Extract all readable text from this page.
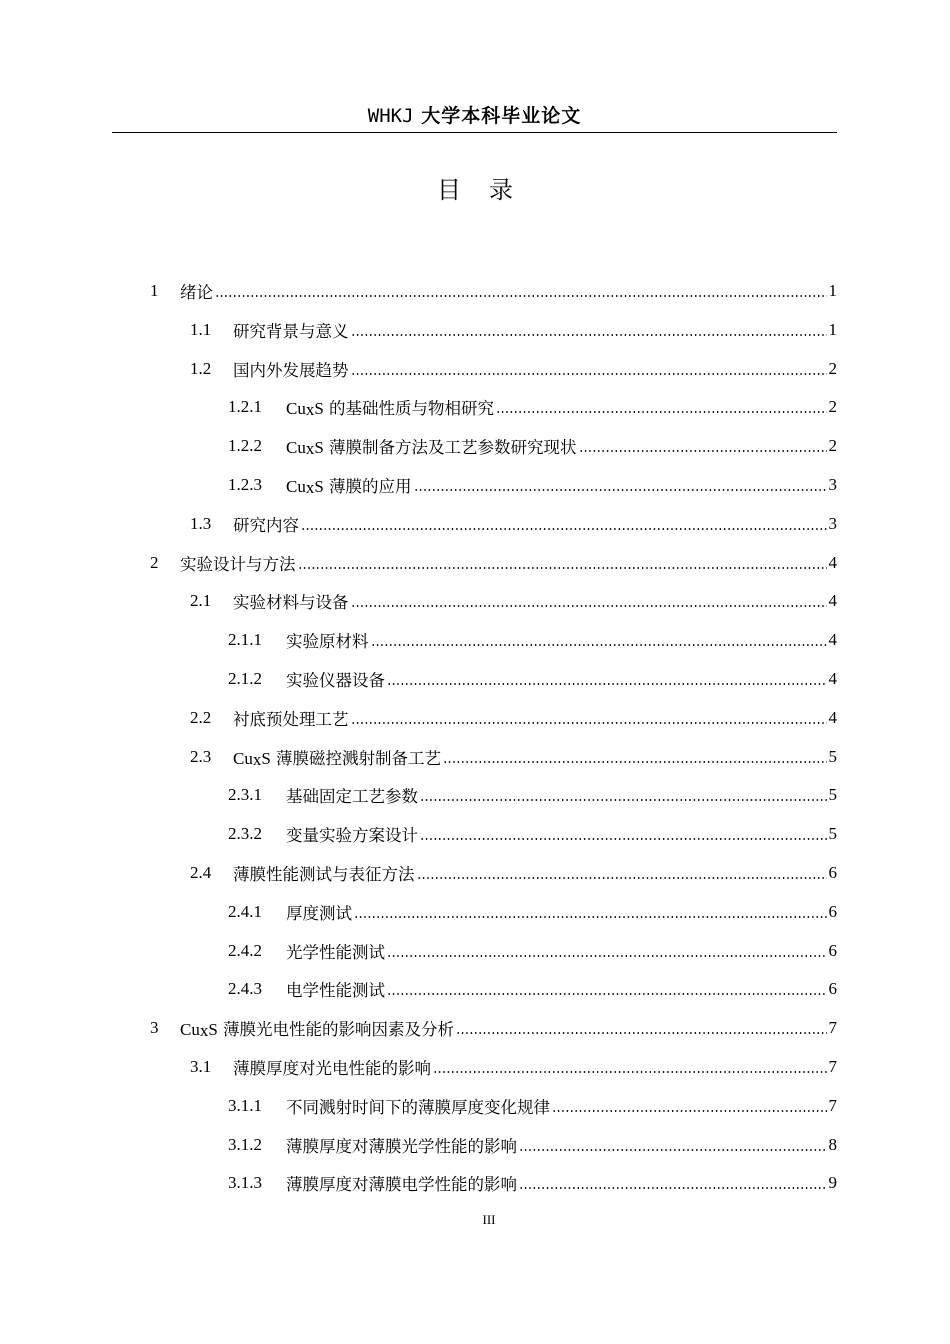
WHKJ 大学本科毕业论文
目录
1	绪论	1
1.1	研究背景与意义	1
1.2	国内外发展趋势	2
1.2.1	$Cu_xS$ 的基础性质与物相研究	2
1.2.2	$Cu_xS$ 薄膜制备方法及工艺参数研究现状	2
1.2.3	$Cu_xS$ 薄膜的应用	3
1.3	研究内容	3
2	实验设计与方法	4
2.1	实验材料与设备	4
2.1.1	实验原材料	4
2.1.2	实验仪器设备	4
2.2	衬底预处理工艺	4
2.3	$Cu_xS$ 薄膜磁控溅射制备工艺	5
2.3.1	基础固定工艺参数	5
2.3.2	变量实验方案设计	5
2.4	薄膜性能测试与表征方法	6
2.4.1	厚度测试	6
2.4.2	光学性能测试	6
2.4.3	电学性能测试	6
3	$Cu_xS$ 薄膜光电性能的影响因素及分析	7
3.1	薄膜厚度对光电性能的影响	7
3.1.1	不同溅射时间下的薄膜厚度变化规律	7
3.1.2	薄膜厚度对薄膜光学性能的影响	8
3.1.3	薄膜厚度对薄膜电学性能的影响	9
III
